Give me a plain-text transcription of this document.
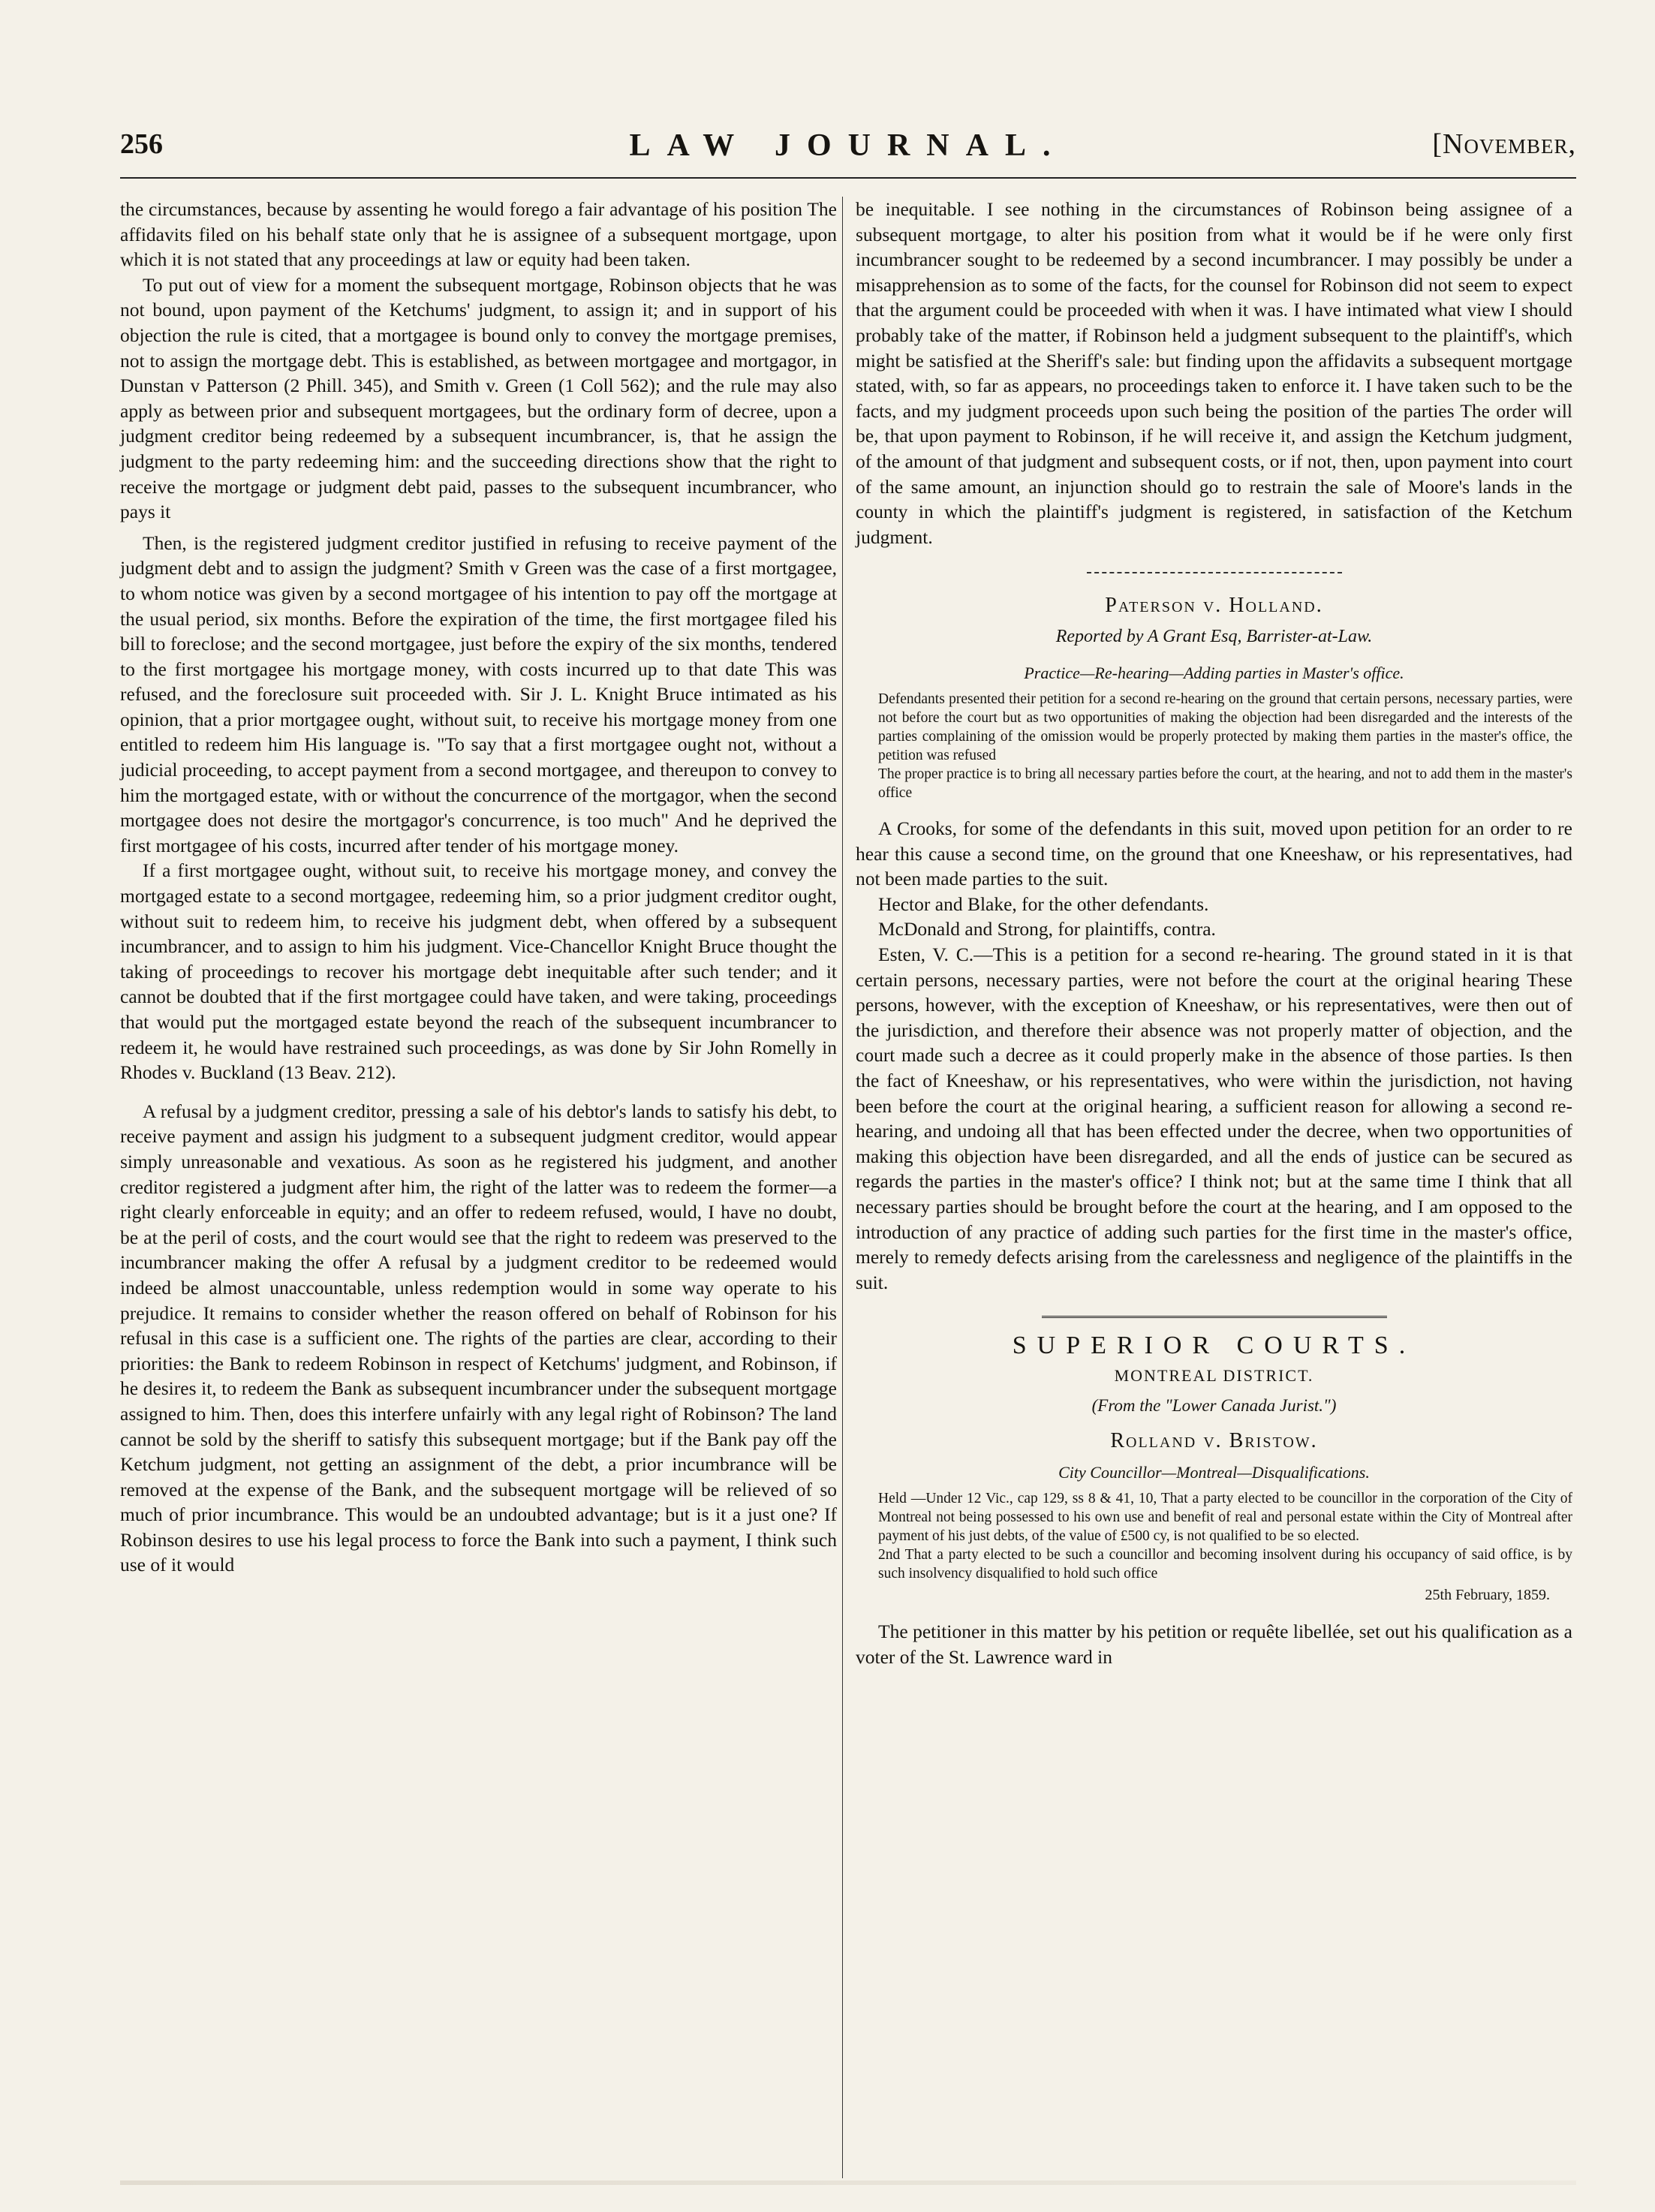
256	LAW JOURNAL.	[November,

the circumstances, because by assenting he would forego a fair advantage of his position The affidavits filed on his behalf state only that he is assignee of a subsequent mortgage, upon which it is not stated that any proceedings at law or equity had been taken.

To put out of view for a moment the subsequent mortgage, Robinson objects that he was not bound, upon payment of the Ketchums' judgment, to assign it; and in support of his objection the rule is cited, that a mortgagee is bound only to convey the mortgage premises, not to assign the mortgage debt. This is established, as between mortgagee and mortgagor, in Dunstan v Patterson (2 Phill. 345), and Smith v. Green (1 Coll 562); and the rule may also apply as between prior and subsequent mortgagees, but the ordinary form of decree, upon a judgment creditor being redeemed by a subsequent incumbrancer, is, that he assign the judgment to the party redeeming him: and the succeeding directions show that the right to receive the mortgage or judgment debt paid, passes to the subsequent incumbrancer, who pays it

Then, is the registered judgment creditor justified in refusing to receive payment of the judgment debt and to assign the judgment? Smith v Green was the case of a first mortgagee, to whom notice was given by a second mortgagee of his intention to pay off the mortgage at the usual period, six months. Before the expiration of the time, the first mortgagee filed his bill to foreclose; and the second mortgagee, just before the expiry of the six months, tendered to the first mortgagee his mortgage money, with costs incurred up to that date This was refused, and the foreclosure suit proceeded with. Sir J. L. Knight Bruce intimated as his opinion, that a prior mortgagee ought, without suit, to receive his mortgage money from one entitled to redeem him His language is. "To say that a first mortgagee ought not, without a judicial proceeding, to accept payment from a second mortgagee, and thereupon to convey to him the mortgaged estate, with or without the concurrence of the mortgagor, when the second mortgagee does not desire the mortgagor's concurrence, is too much" And he deprived the first mortgagee of his costs, incurred after tender of his mortgage money.

If a first mortgagee ought, without suit, to receive his mortgage money, and convey the mortgaged estate to a second mortgagee, redeeming him, so a prior judgment creditor ought, without suit to redeem him, to receive his judgment debt, when offered by a subsequent incumbrancer, and to assign to him his judgment. Vice-Chancellor Knight Bruce thought the taking of proceedings to recover his mortgage debt inequitable after such tender; and it cannot be doubted that if the first mortgagee could have taken, and were taking, proceedings that would put the mortgaged estate beyond the reach of the subsequent incumbrancer to redeem it, he would have restrained such proceedings, as was done by Sir John Romelly in Rhodes v. Buckland (13 Beav. 212).

A refusal by a judgment creditor, pressing a sale of his debtor's lands to satisfy his debt, to receive payment and assign his judgment to a subsequent judgment creditor, would appear simply unreasonable and vexatious. As soon as he registered his judgment, and another creditor registered a judgment after him, the right of the latter was to redeem the former—a right clearly enforceable in equity; and an offer to redeem refused, would, I have no doubt, be at the peril of costs, and the court would see that the right to redeem was preserved to the incumbrancer making the offer A refusal by a judgment creditor to be redeemed would indeed be almost unaccountable, unless redemption would in some way operate to his prejudice. It remains to consider whether the reason offered on behalf of Robinson for his refusal in this case is a sufficient one. The rights of the parties are clear, according to their priorities: the Bank to redeem Robinson in respect of Ketchums' judgment, and Robinson, if he desires it, to redeem the Bank as subsequent incumbrancer under the subsequent mortgage assigned to him. Then, does this interfere unfairly with any legal right of Robinson? The land cannot be sold by the sheriff to satisfy this subsequent mortgage; but if the Bank pay off the Ketchum judgment, not getting an assignment of the debt, a prior incumbrance will be removed at the expense of the Bank, and the subsequent mortgage will be relieved of so much of prior incumbrance. This would be an undoubted advantage; but is it a just one? If Robinson desires to use his legal process to force the Bank into such a payment, I think such use of it would

be inequitable. I see nothing in the circumstances of Robinson being assignee of a subsequent mortgage, to alter his position from what it would be if he were only first incumbrancer sought to be redeemed by a second incumbrancer. I may possibly be under a misapprehension as to some of the facts, for the counsel for Robinson did not seem to expect that the argument could be proceeded with when it was. I have intimated what view I should probably take of the matter, if Robinson held a judgment subsequent to the plaintiff's, which might be satisfied at the Sheriff's sale: but finding upon the affidavits a subsequent mortgage stated, with, so far as appears, no proceedings taken to enforce it. I have taken such to be the facts, and my judgment proceeds upon such being the position of the parties The order will be, that upon payment to Robinson, if he will receive it, and assign the Ketchum judgment, of the amount of that judgment and subsequent costs, or if not, then, upon payment into court of the same amount, an injunction should go to restrain the sale of Moore's lands in the county in which the plaintiff's judgment is registered, in satisfaction of the Ketchum judgment.

Paterson v. Holland.
Reported by A Grant Esq, Barrister-at-Law.
Practice—Re-hearing—Adding parties in Master's office.

Defendants presented their petition for a second re-hearing on the ground that certain persons, necessary parties, were not before the court but as two opportunities of making the objection had been disregarded and the interests of the parties complaining of the omission would be properly protected by making them parties in the master's office, the petition was refused

The proper practice is to bring all necessary parties before the court, at the hearing, and not to add them in the master's office

A Crooks, for some of the defendants in this suit, moved upon petition for an order to re hear this cause a second time, on the ground that one Kneeshaw, or his representatives, had not been made parties to the suit.

Hector and Blake, for the other defendants.

McDonald and Strong, for plaintiffs, contra.

Esten, V. C.—This is a petition for a second re-hearing. The ground stated in it is that certain persons, necessary parties, were not before the court at the original hearing These persons, however, with the exception of Kneeshaw, or his representatives, were then out of the jurisdiction, and therefore their absence was not properly matter of objection, and the court made such a decree as it could properly make in the absence of those parties. Is then the fact of Kneeshaw, or his representatives, who were within the jurisdiction, not having been before the court at the original hearing, a sufficient reason for allowing a second re-hearing, and undoing all that has been effected under the decree, when two opportunities of making this objection have been disregarded, and all the ends of justice can be secured as regards the parties in the master's office? I think not; but at the same time I think that all necessary parties should be brought before the court at the hearing, and I am opposed to the introduction of any practice of adding such parties for the first time in the master's office, merely to remedy defects arising from the carelessness and negligence of the plaintiffs in the suit.

SUPERIOR COURTS.
MONTREAL DISTRICT.
(From the "Lower Canada Jurist.")
Rolland v. Bristow.
City Councillor—Montreal—Disqualifications.

Held —Under 12 Vic., cap 129, ss 8 & 41, 10, That a party elected to be councillor in the corporation of the City of Montreal not being possessed to his own use and benefit of real and personal estate within the City of Montreal after payment of his just debts, of the value of £500 cy, is not qualified to be so elected.

2nd That a party elected to be such a councillor and becoming insolvent during his occupancy of said office, is by such insolvency disqualified to hold such office

25th February, 1859.

The petitioner in this matter by his petition or requête libellée, set out his qualification as a voter of the St. Lawrence ward in
